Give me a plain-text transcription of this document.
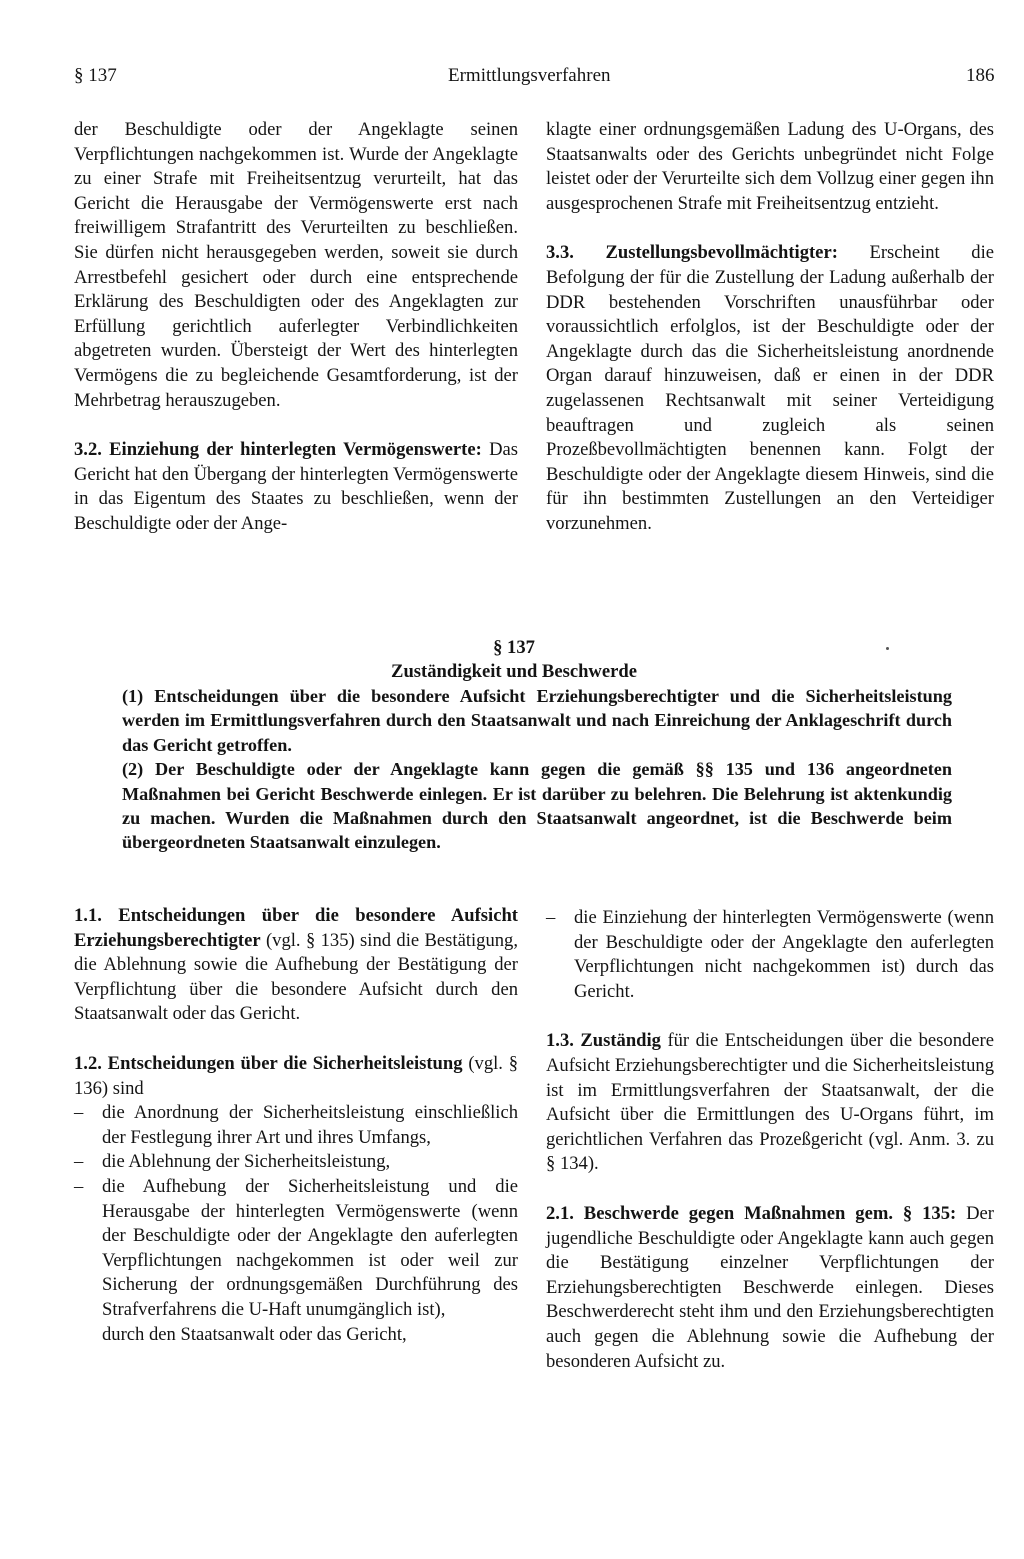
§ 137	Ermittlungsverfahren	186

der Beschuldigte oder der Angeklagte seinen Verpflichtungen nachgekommen ist. Wurde der Angeklagte zu einer Strafe mit Freiheitsentzug verurteilt, hat das Gericht die Herausgabe der Vermögenswerte erst nach freiwilligem Strafantritt des Verurteilten zu beschließen. Sie dürfen nicht herausgegeben werden, soweit sie durch Arrestbefehl gesichert oder durch eine entsprechende Erklärung des Beschuldigten oder des Angeklagten zur Erfüllung gerichtlich auferlegter Verbindlichkeiten abgetreten wurden. Übersteigt der Wert des hinterlegten Vermögens die zu begleichende Gesamtforderung, ist der Mehrbetrag herauszugeben.

3.2. Einziehung der hinterlegten Vermögenswerte: Das Gericht hat den Übergang der hinterlegten Vermögenswerte in das Eigentum des Staates zu beschließen, wenn der Beschuldigte oder der Ange-

klagte einer ordnungsgemäßen Ladung des U-Organs, des Staatsanwalts oder des Gerichts unbegründet nicht Folge leistet oder der Verurteilte sich dem Vollzug einer gegen ihn ausgesprochenen Strafe mit Freiheitsentzug entzieht.

3.3. Zustellungsbevollmächtigter: Erscheint die Befolgung der für die Zustellung der Ladung außerhalb der DDR bestehenden Vorschriften unausführbar oder voraussichtlich erfolglos, ist der Beschuldigte oder der Angeklagte durch das die Sicherheitsleistung anordnende Organ darauf hinzuweisen, daß er einen in der DDR zugelassenen Rechtsanwalt mit seiner Verteidigung beauftragen und zugleich als seinen Prozeßbevollmächtigten benennen kann. Folgt der Beschuldigte oder der Angeklagte diesem Hinweis, sind die für ihn bestimmten Zustellungen an den Verteidiger vorzunehmen.

§ 137
Zuständigkeit und Beschwerde

(1) Entscheidungen über die besondere Aufsicht Erziehungsberechtigter und die Sicherheitsleistung werden im Ermittlungsverfahren durch den Staatsanwalt und nach Einreichung der Anklageschrift durch das Gericht getroffen.

(2) Der Beschuldigte oder der Angeklagte kann gegen die gemäß §§ 135 und 136 angeordneten Maßnahmen bei Gericht Beschwerde einlegen. Er ist darüber zu belehren. Die Belehrung ist aktenkundig zu machen. Wurden die Maßnahmen durch den Staatsanwalt angeordnet, ist die Beschwerde beim übergeordneten Staatsanwalt einzulegen.

1.1. Entscheidungen über die besondere Aufsicht Erziehungsberechtigter (vgl. § 135) sind die Bestätigung, die Ablehnung sowie die Aufhebung der Bestätigung der Verpflichtung über die besondere Aufsicht durch den Staatsanwalt oder das Gericht.

1.2. Entscheidungen über die Sicherheitsleistung (vgl. § 136) sind

– die Anordnung der Sicherheitsleistung einschließlich der Festlegung ihrer Art und ihres Umfangs,
– die Ablehnung der Sicherheitsleistung,
– die Aufhebung der Sicherheitsleistung und die Herausgabe der hinterlegten Vermögenswerte (wenn der Beschuldigte oder der Angeklagte den auferlegten Verpflichtungen nachgekommen ist oder weil zur Sicherung der ordnungsgemäßen Durchführung des Strafverfahrens die U-Haft unumgänglich ist),
durch den Staatsanwalt oder das Gericht,
– die Einziehung der hinterlegten Vermögenswerte (wenn der Beschuldigte oder der Angeklagte den auferlegten Verpflichtungen nicht nachgekommen ist) durch das Gericht.

1.3. Zuständig für die Entscheidungen über die besondere Aufsicht Erziehungsberechtigter und die Sicherheitsleistung ist im Ermittlungsverfahren der Staatsanwalt, der die Aufsicht über die Ermittlungen des U-Organs führt, im gerichtlichen Verfahren das Prozeßgericht (vgl. Anm. 3. zu § 134).

2.1. Beschwerde gegen Maßnahmen gem. § 135: Der jugendliche Beschuldigte oder Angeklagte kann auch gegen die Bestätigung einzelner Verpflichtungen der Erziehungsberechtigten Beschwerde einlegen. Dieses Beschwerderecht steht ihm und den Erziehungsberechtigten auch gegen die Ablehnung sowie die Aufhebung der besonderen Aufsicht zu.
